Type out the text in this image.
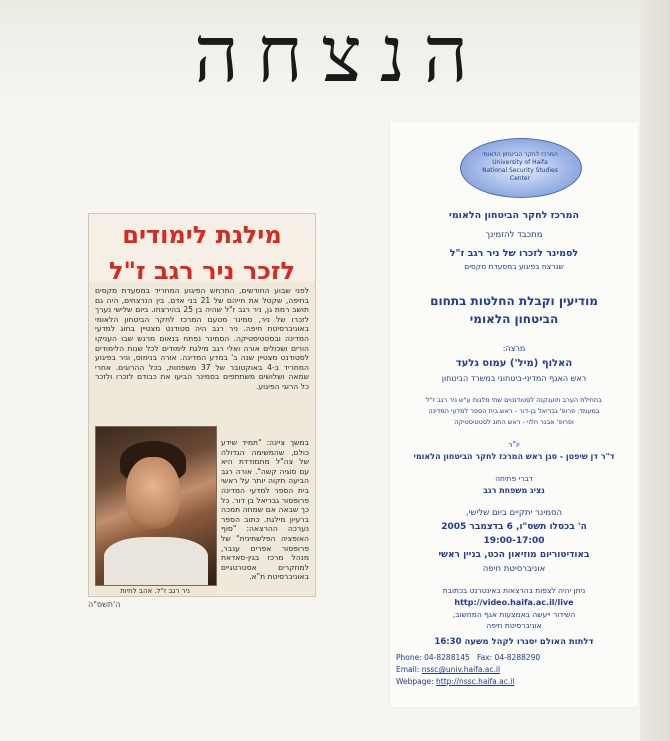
הנצחה
מילגת לימודים
לזכר ניר רגב ז"ל
לפני שבוע החודשים, התרחש הפיגוע המחריד במסעדת מקסים בחיפה, שקטל את חייהם של 21 בני אדם. בין הנרצחים, היה גם תושב רמת גן, ניר רגב ז"ל שהיה בן 25 בהירצחו. ביום שלישי נערך לזכרו של ניר, סמינר מטעם המרכז לחקר הביטחון הלאומי באוניברסיטת חיפה. ניר רגב היה סטודנט מצטיין בחוג למדעי המדינה ובסטטיסטיקה. הסמינר נפתח בנאום מרגש שבו העניקו הורים ושכולים אורה ואלי רגב מילגת לימודים לכל שנות הלימודים לסטודנט מצטיין שנה ב' במדע המדינה. אורה בנימוס, וניר בפיגוע המחריד ב-4 באוקטובר של 37 משפחות, בכל ההרוגים. אחרי שמאה ושלושים משתתפים בסמינר הביעו את כבודם לזכרו ולזכר כל הרוגי הפיגוע.
במשך ציינה: "תמיד שידע כולם, שהמשימה הגדולה של צה"ל מתמודדת היא עם סוגיה קשה". אורה רגב הביעה תקוה יותר על ראשי בית הספר למדעי המדינה פרופסור גבריאל בן דור. כל כך שבאה אם שמחה תמכה ברעיון מילגת. כתוב הספר נערכה ההרצאה: "סוף האופציה הפלשתינית" של פרופסור אפרים ענבר, מנהל מרכז בגין-סאדאת למחקרים אסטרטגיים באוניברסיטת ת"א.
ניר רגב ז"ל. אהב לחיות
ה'תשס"ה
המרכז לחקר הביטחון הלאומי
University of Haifa
National Security Studies Center
המרכז לחקר הביטחון הלאומי
מתכבד להזמינך
לסמינר לזכרו של ניר רגב ז"ל
שנרצח בפיגוע במסעדת מקסים
מודיעין וקבלת החלטות בתחום
הביטחון הלאומי
מרצה:
האלוף (מיל') עמוס גלעד
ראש האגף המדיני-ביטחוני במשרד הביטחון
בתחילת הערב תוענקנה לסטודנטים שתי מלגות ע"ש ניר רגב ז"ל
במעמד: פרופ' גבריאל בן-דור - ראש בית הספר למדעי המדינה
ופרופ' אבנר חלוי - ראש החוג לסטטיסטיקה
יו"ר
ד"ר דן שיפטן - סגן ראש המרכז לחקר הביטחון הלאומי
דברי פתיחה
נציג משפחת רגב
הסמינר יתקיים ביום שלישי,
ה' בכסלו תשס"ו, 6 בדצמבר 2005
19:00-17:00
באודיטוריום מוזיאון הכט, בניין ראשי
אוניברסיטת חיפה
ניתן יהיה לצפות בהרצאות באינטרנט בכתובת
http://video.haifa.ac.il/live
השידור ייעשה באמצעות אגף המחשוב,
אוניברסיטת חיפה
דלתות האולם יסגרו לקהל משעה 16:30
Phone: 04-8288145 Fax: 04-8288290
Email: nssc@univ.haifa.ac.il
Webpage: http://nssc.haifa.ac.il
